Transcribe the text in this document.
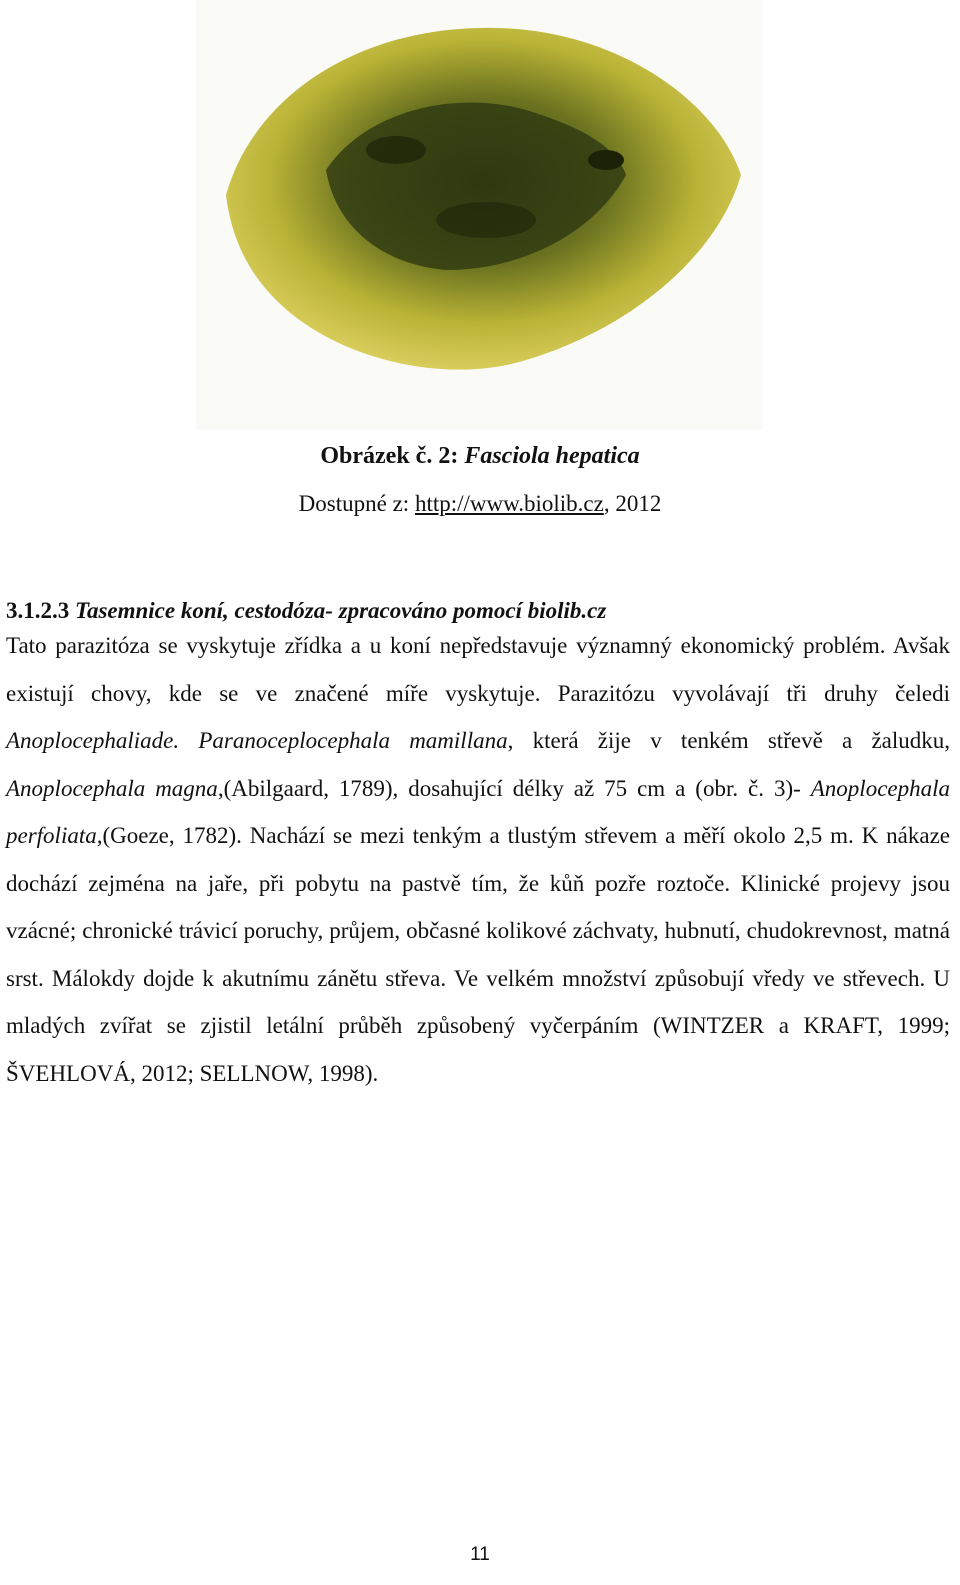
Obrázek č. 2: Fasciola hepatica
Dostupné z: http://www.biolib.cz, 2012
3.1.2.3 Tasemnice koní, cestodóza- zpracováno pomocí biolib.cz
Tato parazitóza se vyskytuje zřídka a u koní nepředstavuje významný ekonomický problém. Avšak existují chovy, kde se ve značené míře vyskytuje. Parazitózu vyvolávají tři druhy čeledi Anoplocephaliade. Paranoceplocephala mamillana, která žije v tenkém střevě a žaludku, Anoplocephala magna,(Abilgaard, 1789), dosahující délky až 75 cm a (obr. č. 3)- Anoplocephala perfoliata,(Goeze, 1782). Nachází se mezi tenkým a tlustým střevem a měří okolo 2,5 m. K nákaze dochází zejména na jaře, při pobytu na pastvě tím, že kůň pozře roztoče. Klinické projevy jsou vzácné; chronické trávicí poruchy, průjem, občasné kolikové záchvaty, hubnutí, chudokrevnost, matná srst. Málokdy dojde k akutnímu zánětu střeva. Ve velkém množství způsobují vředy ve střevech. U mladých zvířat se zjistil letální průběh způsobený vyčerpáním (WINTZER a KRAFT, 1999; ŠVEHLOVÁ, 2012; SELLNOW, 1998).
11
